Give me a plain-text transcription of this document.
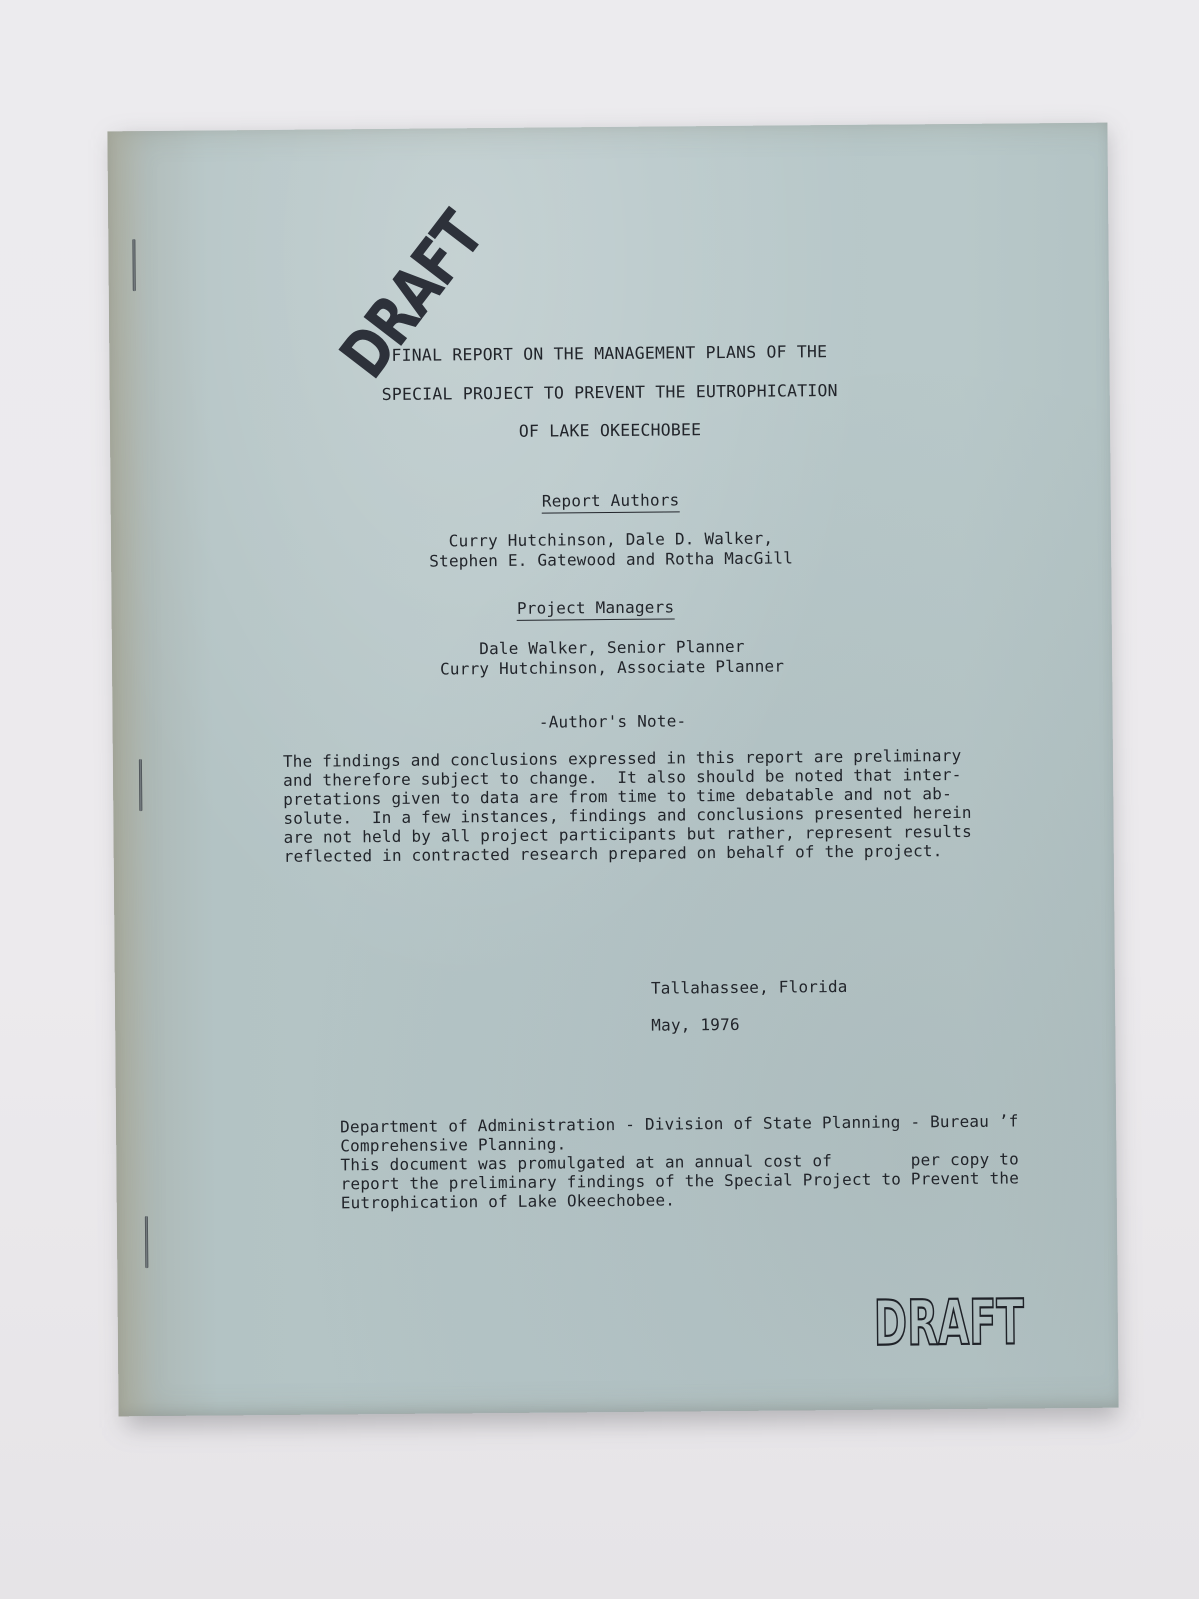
DRAFT
FINAL REPORT ON THE MANAGEMENT PLANS OF THE
SPECIAL PROJECT TO PREVENT THE EUTROPHICATION
OF LAKE OKEECHOBEE
Report Authors
Curry Hutchinson, Dale D. Walker,
Stephen E. Gatewood and Rotha MacGill
Project Managers
Dale Walker, Senior Planner
Curry Hutchinson, Associate Planner
-Author's Note-
The findings and conclusions expressed in this report are preliminary
and therefore subject to change.  It also should be noted that inter-
pretations given to data are from time to time debatable and not ab-
solute.  In a few instances, findings and conclusions presented herein
are not held by all project participants but rather, represent results
reflected in contracted research prepared on behalf of the project.
Tallahassee, Florida
May, 1976
Department of Administration - Division of State Planning - Bureau ʼf
Comprehensive Planning.
This document was promulgated at an annual cost of        per copy to
report the preliminary findings of the Special Project to Prevent the
Eutrophication of Lake Okeechobee.
DRAFT
